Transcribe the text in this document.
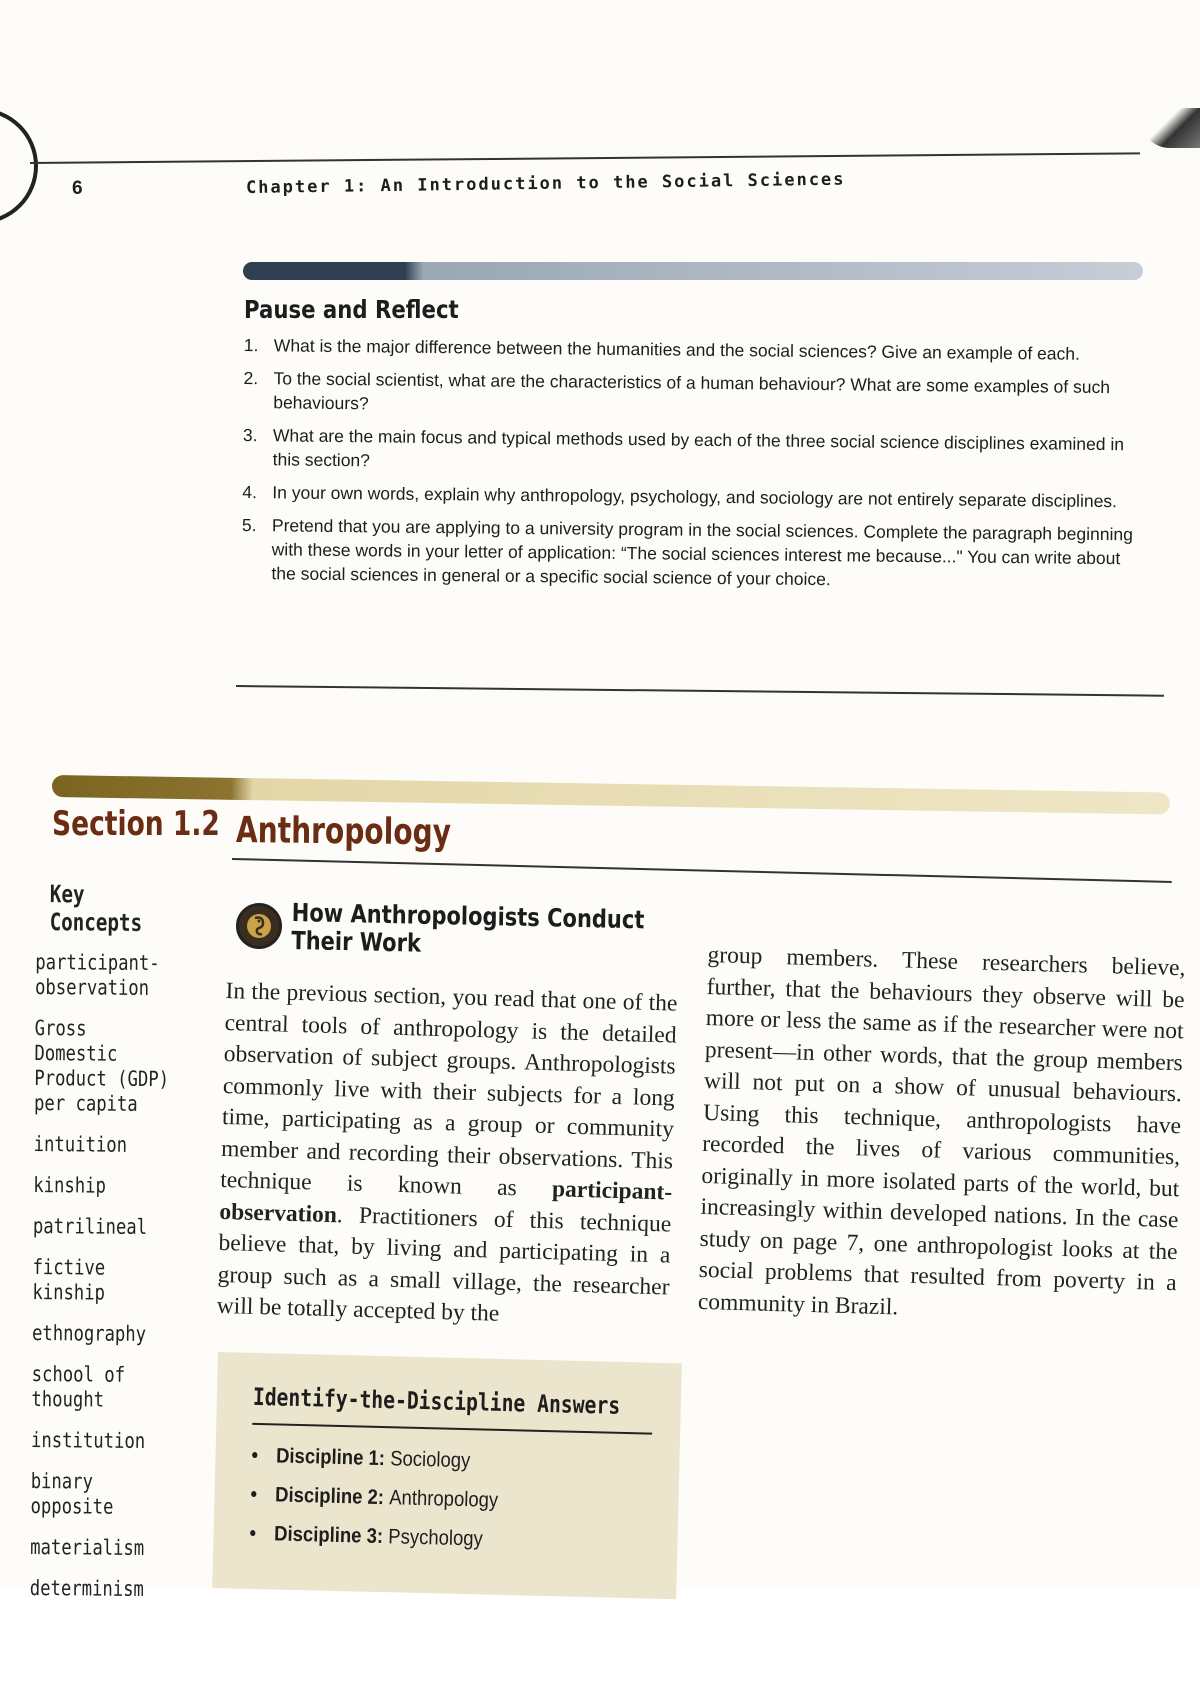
6	Chapter 1: An Introduction to the Social Sciences
Pause and Reflect
1. What is the major difference between the humanities and the social sciences? Give an example of each.
2. To the social scientist, what are the characteristics of a human behaviour? What are some examples of such behaviours?
3. What are the main focus and typical methods used by each of the three social science disciplines examined in this section?
4. In your own words, explain why anthropology, psychology, and sociology are not entirely separate disciplines.
5. Pretend that you are applying to a university program in the social sciences. Complete the paragraph beginning with these words in your letter of application: “The social sciences interest me because..." You can write about the social sciences in general or a specific social science of your choice.
Section 1.2 Anthropology
Key Concepts
participant-
observation
Gross Domestic
Product (GDP)
per capita
intuition
kinship
patrilineal
fictive kinship
ethnography
school of thought
institution
binary opposite
materialism
determinism
How Anthropologists Conduct Their Work
In the previous section, you read that one of the central tools of anthropology is the detailed observation of subject groups. Anthropologists commonly live with their subjects for a long time, participating as a group or community member and recording their observations. This technique is known as participant-observation. Practitioners of this technique believe that, by living and participating in a group such as a small village, the researcher will be totally accepted by the
group members. These researchers believe, further, that the behaviours they observe will be more or less the same as if the researcher were not present—in other words, that the group members will not put on a show of unusual behaviours. Using this technique, anthropologists have recorded the lives of various communities, originally in more isolated parts of the world, but increasingly within developed nations. In the case study on page 7, one anthropologist looks at the social problems that resulted from poverty in a community in Brazil.
Identify-the-Discipline Answers
• Discipline 1: Sociology
• Discipline 2: Anthropology
• Discipline 3: Psychology
